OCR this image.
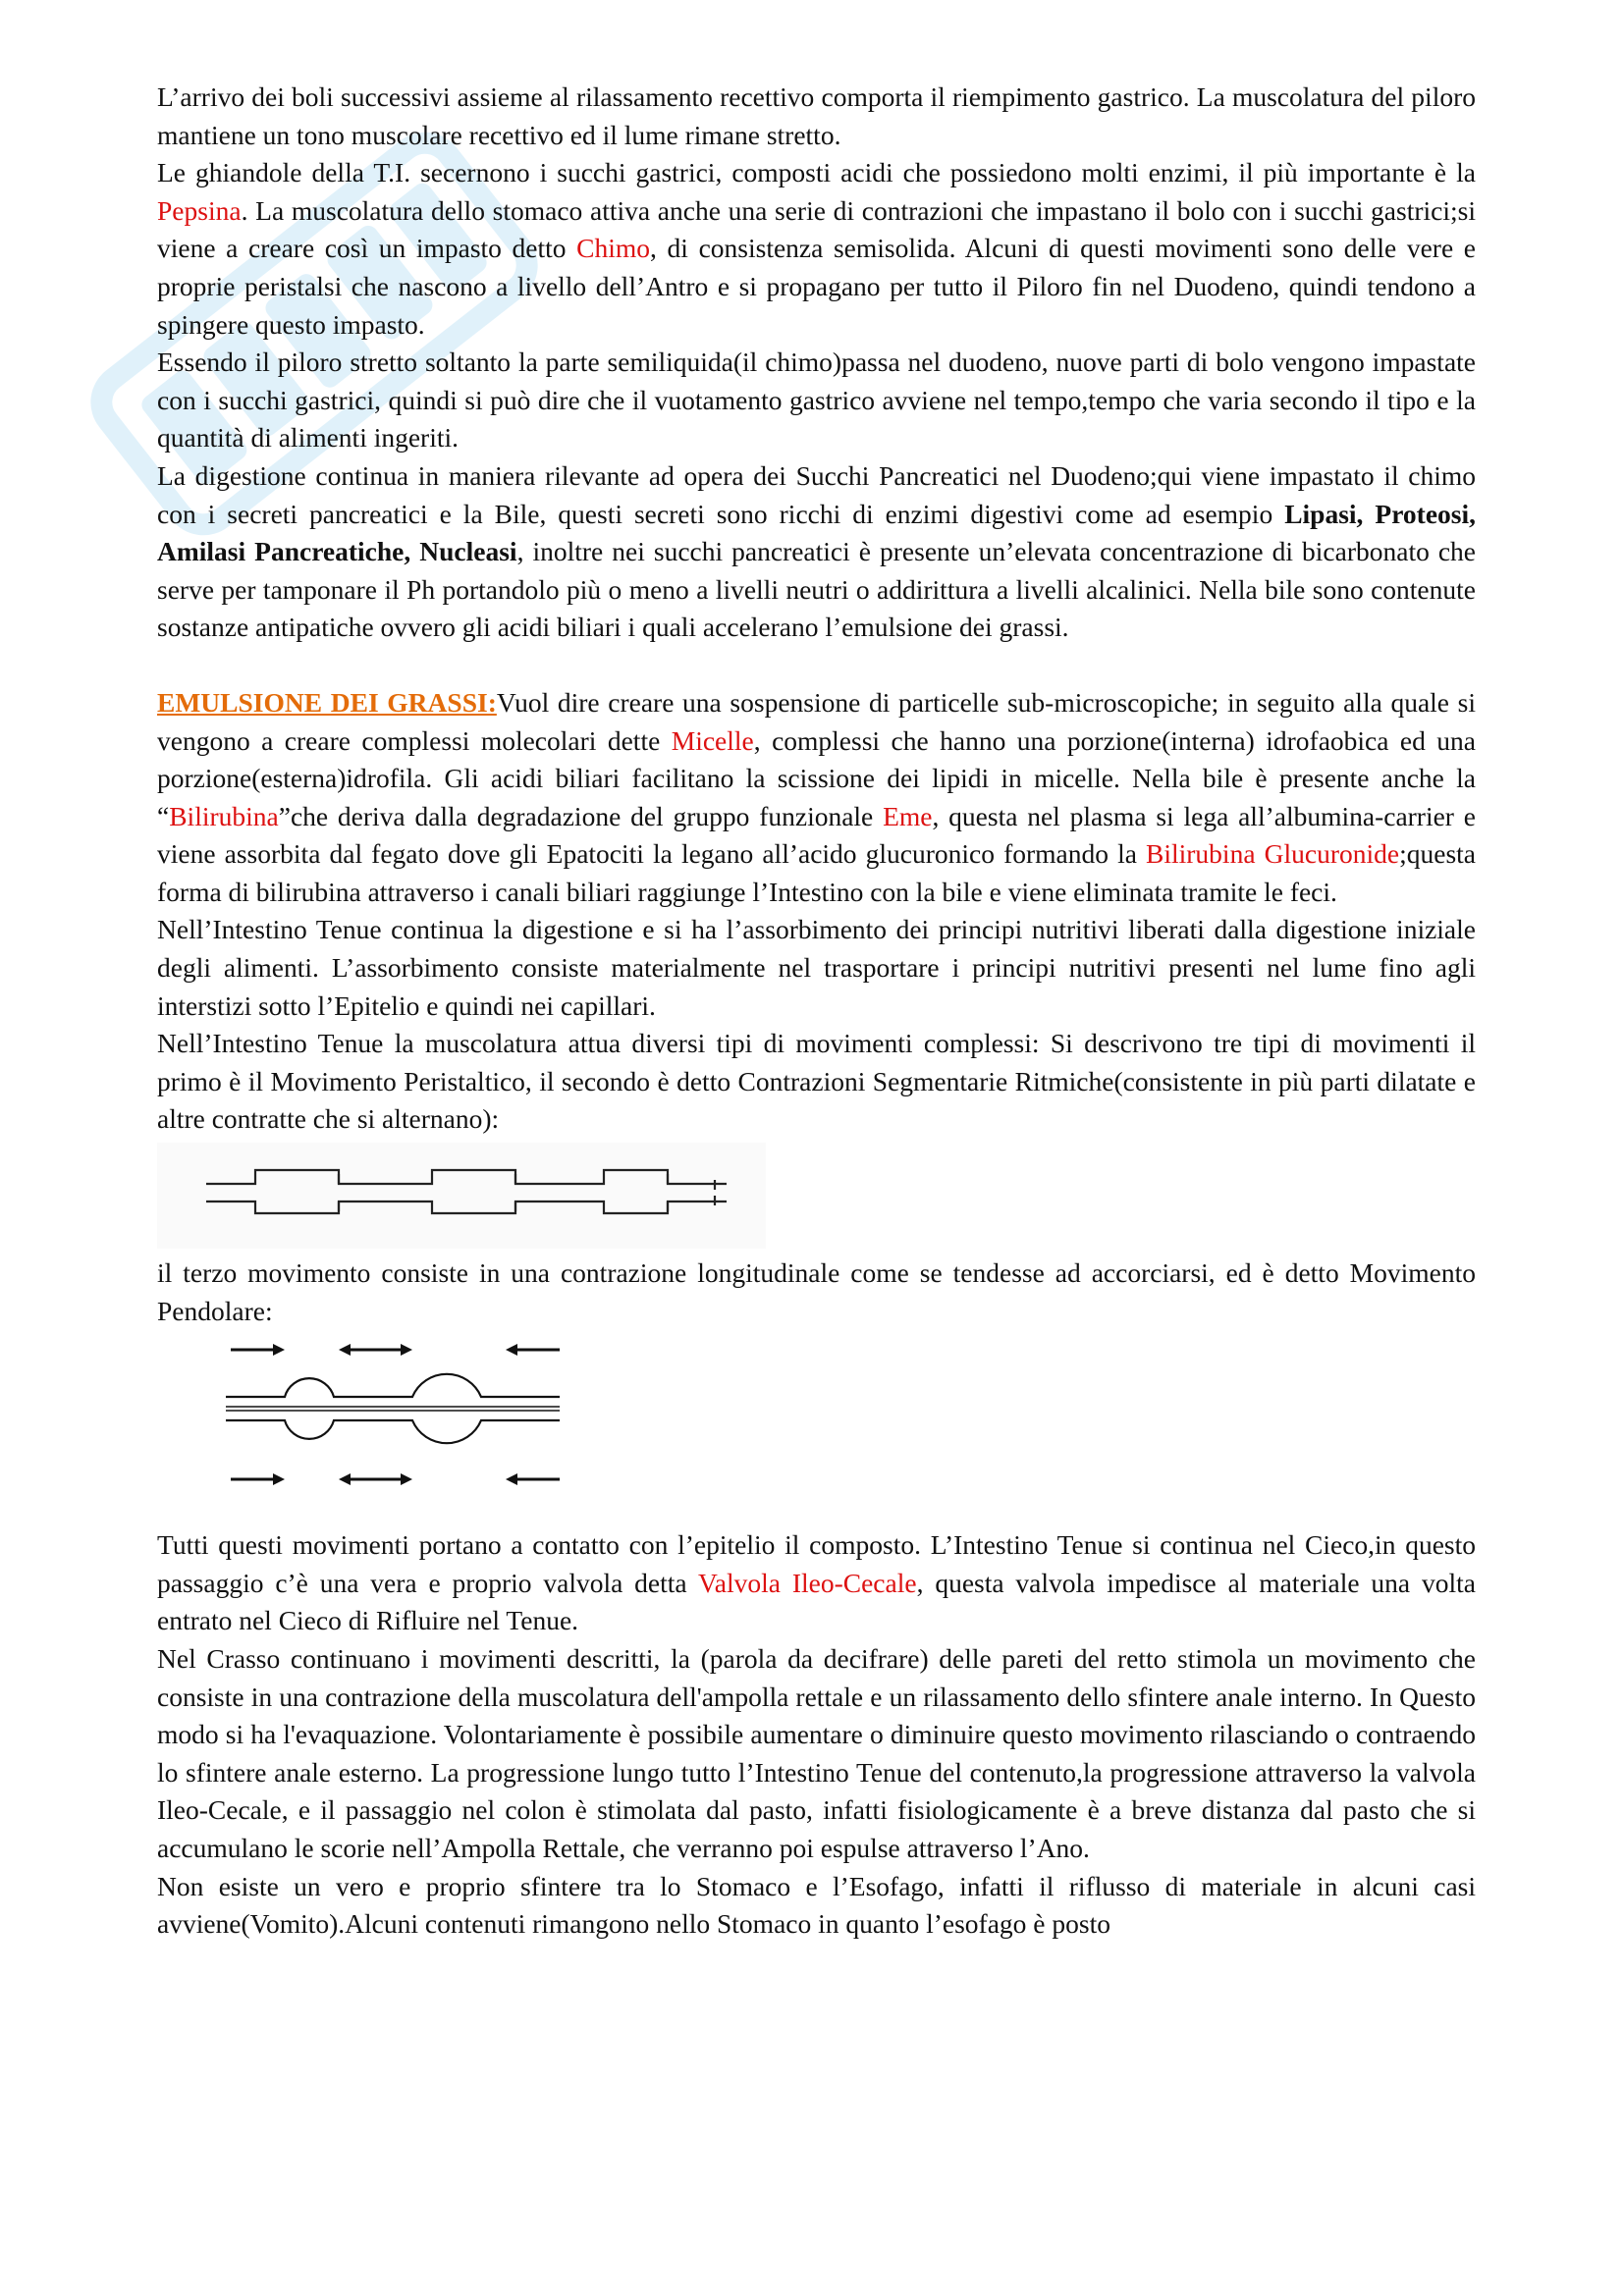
L’arrivo dei boli successivi assieme al rilassamento recettivo comporta il riempimento gastrico. La muscolatura del piloro mantiene un tono muscolare recettivo ed il lume rimane stretto.

Le ghiandole della T.I. secernono i succhi gastrici, composti acidi che possiedono molti enzimi, il più importante è la Pepsina. La muscolatura dello stomaco attiva anche una serie di contrazioni che impastano il bolo con i succhi gastrici;si viene a creare così un impasto detto Chimo, di consistenza semisolida. Alcuni di questi movimenti sono delle vere e proprie peristalsi che nascono a livello dell’Antro e si propagano per tutto il Piloro fin nel Duodeno, quindi tendono a spingere questo impasto.

Essendo il piloro stretto soltanto la parte semiliquida(il chimo)passa nel duodeno, nuove parti di bolo vengono impastate con i succhi gastrici, quindi si può dire che il vuotamento gastrico avviene nel tempo,tempo che varia secondo il tipo e la quantità di alimenti ingeriti.

La digestione continua in maniera rilevante ad opera dei Succhi Pancreatici nel Duodeno;qui viene impastato il chimo con i secreti pancreatici e la Bile, questi secreti sono ricchi di enzimi digestivi come ad esempio Lipasi, Proteosi, Amilasi Pancreatiche, Nucleasi, inoltre nei succhi pancreatici è presente un’elevata concentrazione di bicarbonato che serve per tamponare il Ph portandolo più o meno a livelli neutri o addirittura a livelli alcalinici. Nella bile sono contenute sostanze antipatiche ovvero gli acidi biliari i quali accelerano l’emulsione dei grassi.

EMULSIONE DEI GRASSI:Vuol dire creare una sospensione di particelle sub-microscopiche; in seguito alla quale si vengono a creare complessi molecolari dette Micelle, complessi che hanno una porzione(interna) idrofaobica ed una porzione(esterna)idrofila. Gli acidi biliari facilitano la scissione dei lipidi in micelle. Nella bile è presente anche la “Bilirubina”che deriva dalla degradazione del gruppo funzionale Eme, questa nel plasma si lega all’albumina-carrier e viene assorbita dal fegato dove gli Epatociti la legano all’acido glucuronico formando la Bilirubina Glucuronide;questa forma di bilirubina attraverso i canali biliari raggiunge l’Intestino con la bile e viene eliminata tramite le feci.

Nell’Intestino Tenue continua la digestione e si ha l’assorbimento dei principi nutritivi liberati dalla digestione iniziale degli alimenti. L’assorbimento consiste materialmente nel trasportare i principi nutritivi presenti nel lume fino agli interstizi sotto l’Epitelio e quindi nei capillari.

Nell’Intestino Tenue la muscolatura attua diversi tipi di movimenti complessi: Si descrivono tre tipi di movimenti il primo è il Movimento Peristaltico, il secondo è detto Contrazioni Segmentarie Ritmiche(consistente in più parti dilatate e altre contratte che si alternano):

il terzo movimento consiste in una contrazione longitudinale come se tendesse ad accorciarsi, ed è detto Movimento Pendolare:

Tutti questi movimenti portano a contatto con l’epitelio il composto. L’Intestino Tenue si continua nel Cieco,in questo passaggio c’è una vera e proprio valvola detta Valvola Ileo-Cecale, questa valvola impedisce al materiale una volta entrato nel Cieco di Rifluire nel Tenue.

Nel Crasso continuano i movimenti descritti, la (parola da decifrare) delle pareti del retto stimola un movimento che consiste in una contrazione della muscolatura dell'ampolla rettale e un rilassamento dello sfintere anale interno. In Questo modo si ha l'evaquazione. Volontariamente è possibile aumentare o diminuire questo movimento rilasciando o contraendo lo sfintere anale esterno. La progressione lungo tutto l’Intestino Tenue del contenuto,la progressione attraverso la valvola Ileo-Cecale, e il passaggio nel colon è stimolata dal pasto, infatti fisiologicamente è a breve distanza dal pasto che si accumulano le scorie nell’Ampolla Rettale, che verranno poi espulse attraverso l’Ano.

Non esiste un vero e proprio sfintere tra lo Stomaco e l’Esofago, infatti il riflusso di materiale in alcuni casi avviene(Vomito).Alcuni contenuti rimangono nello Stomaco in quanto l’esofago è posto
